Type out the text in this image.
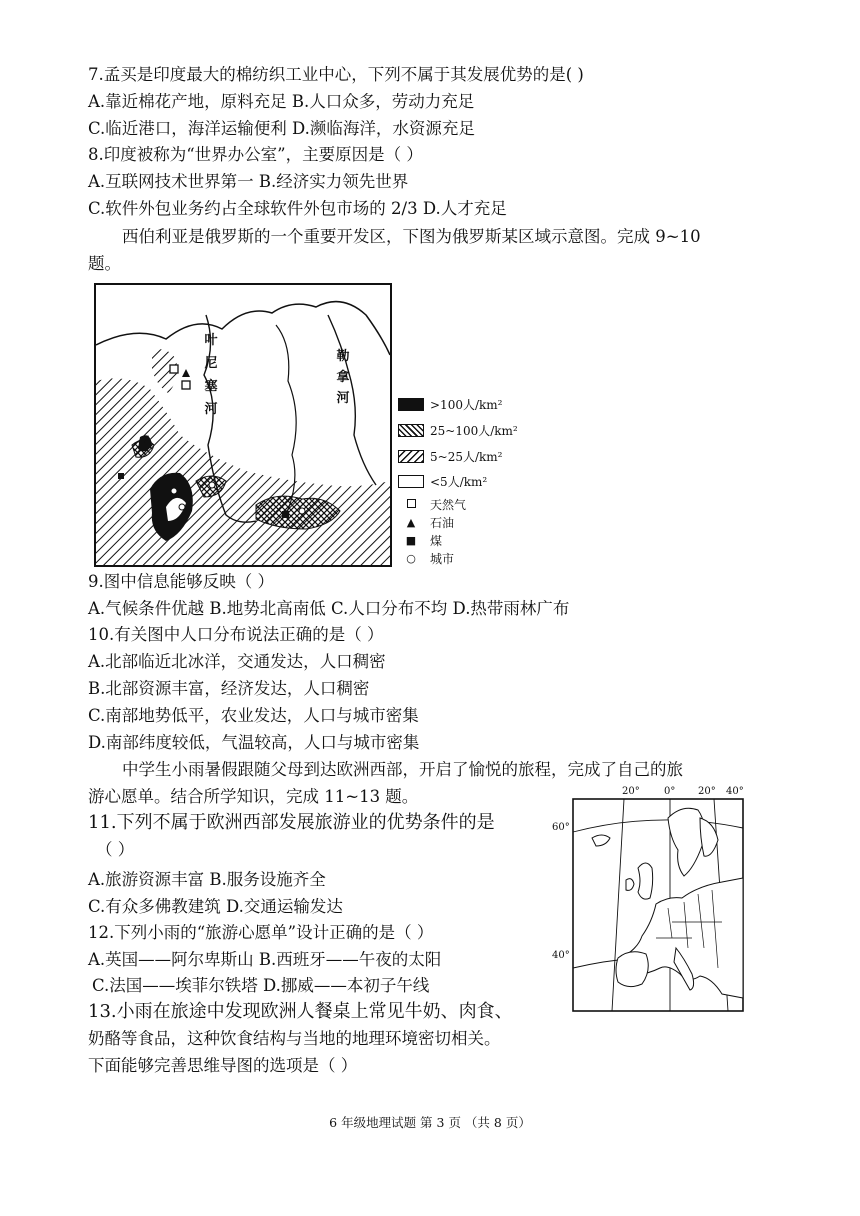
7.孟买是印度最大的棉纺织工业中心，下列不属于其发展优势的是( )
A.靠近棉花产地，原料充足 B.人口众多，劳动力充足
C.临近港口，海洋运输便利 D.濒临海洋，水资源充足
8.印度被称为“世界办公室”，主要原因是（ ）
A.互联网技术世界第一 B.经济实力领先世界
C.软件外包业务约占全球软件外包市场的 2/3 D.人才充足
西伯利亚是俄罗斯的一个重要开发区，下图为俄罗斯某区域示意图。完成 9~10
题。
叶
尼
塞
河
勒
拿
河	>100人/km²
25~100人/km²
5~25人/km²
<5人/km²
天然气
▲	石油
■	煤
○	城市
9.图中信息能够反映（ ）
A.气候条件优越 B.地势北高南低 C.人口分布不均 D.热带雨林广布
10.有关图中人口分布说法正确的是（ ）
A.北部临近北冰洋，交通发达，人口稠密
B.北部资源丰富，经济发达，人口稠密
C.南部地势低平，农业发达，人口与城市密集
D.南部纬度较低，气温较高，人口与城市密集
中学生小雨暑假跟随父母到达欧洲西部，开启了愉悦的旅程，完成了自己的旅
游心愿单。结合所学知识，完成 11~13 题。
11.下列不属于欧洲西部发展旅游业的优势条件的是
（ ）
A.旅游资源丰富 B.服务设施齐全
C.有众多佛教建筑 D.交通运输发达
12.下列小雨的“旅游心愿单”设计正确的是（ ）
A.英国——阿尔卑斯山 B.西班牙——午夜的太阳
C.法国——埃菲尔铁塔 D.挪威——本初子午线
13.小雨在旅途中发现欧洲人餐桌上常见牛奶、肉食、
奶酪等食品，这种饮食结构与当地的地理环境密切相关。
下面能够完善思维导图的选项是（ ）
20° 0° 20° 40°
60°
40°
6 年级地理试题 第 3 页 （共 8 页）
